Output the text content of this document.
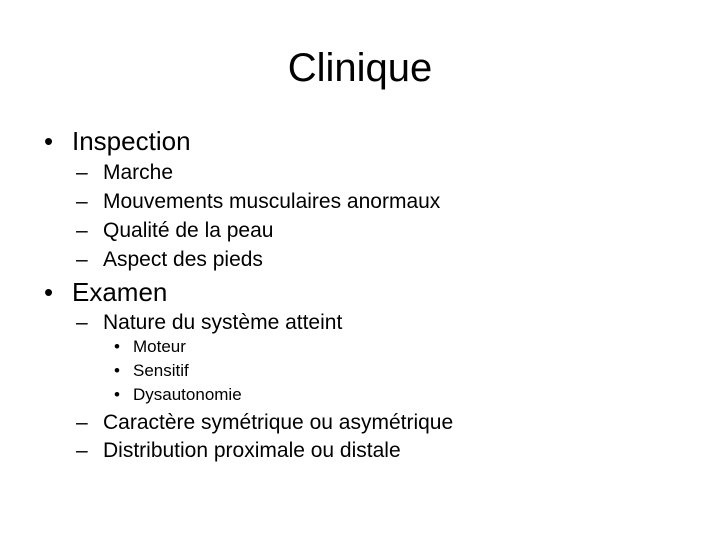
Clinique
• Inspection
– Marche
– Mouvements musculaires anormaux
– Qualité de la peau
– Aspect des pieds
• Examen
– Nature du système atteint
• Moteur
• Sensitif
• Dysautonomie
– Caractère symétrique ou asymétrique
– Distribution proximale ou distale
